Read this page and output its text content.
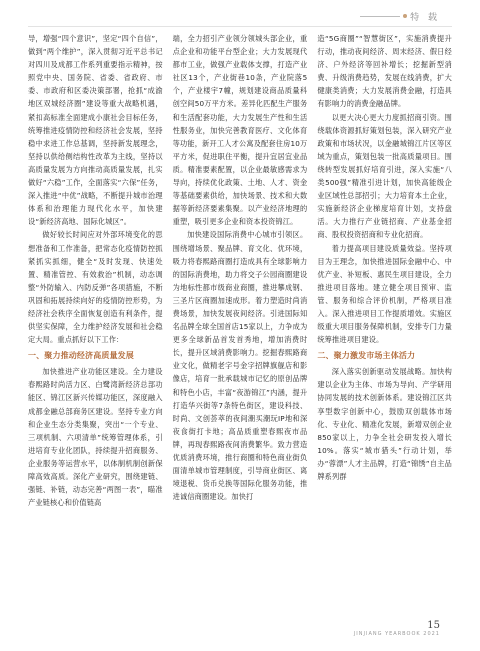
特 载

导，增强“四个意识”，坚定“四个自信”，做到“两个维护”，深入贯彻习近平总书记对四川及成都工作系列重要指示精神，按照党中央、国务院、省委、省政府、市委、市政府和区委决策部署，抢抓“成渝地区双城经济圈”建设等重大战略机遇，紧扣高标准全面建成小康社会目标任务，统筹推进疫情防控和经济社会发展，坚持稳中求进工作总基调，坚持新发展理念，坚持以供给侧结构性改革为主线，坚持以高质量发展为方向推动高质量发展，扎实做好“六稳”工作，全面落实“六保”任务，深入推进“中优”战略，不断提升城市治理体系和治理能力现代化水平，加快建设“新经济高地、国际化城区”。

做好较长时间应对外部环境变化的思想准备和工作准备，把常态化疫情防控抓紧抓实抓细，健全“及时发现、快速处置、精准管控、有效救治”机制，动态调整“外防输入、内防反弹”各项措施，不断巩固和拓展持续向好的疫情防控形势，为经济社会秩序全面恢复创造有利条件，提供坚实保障，全力维护经济发展和社会稳定大局。重点抓好以下工作：

一、聚力推动经济高质量发展

加快推进产业功能区建设。全力建设春熙路时尚活力区、白鹭湾新经济总部功能区、锦江区新兴传媒功能区，深度融入成都金融总部商务区建设。坚持专业方向和企业生态分类集聚，突出“一个专业、三项机制、六项清单”统筹管理体系，引进培育专业化团队，持续提升招商服务、企业服务等运营水平，以体制机制创新保障高效高质。深化产业研究，围绕建链、强链、补链，动态完善“两图一表”，瞄准产业链核心和价值链高

端，全力招引产业领分领城头部企业，重点企业和功能平台型企业；大力发展现代都市工业，做强产业载体支撑，打造产业社区13个，产业街巷10条，产业院落5个，产业楼宇7幢，规划建设商品质量科创空间50万平方米。差异化匹配生产服务和生活配套功能，大力发展生产性和生活性服务业，加快完善教育医疗、文化体育等功能，新开工人才公寓及配套住房10万平方米，促进职住平衡，提升宜居宜业品质。精准要素配置，以企业最敏感需求为导向，持续优化政策、土地、人才、资金等基础要素供给，加快场景、技术和大数据等新经济要素集聚。以产业经济地理的重塑，吸引更多企业和资本投资锦江。

加快建设国际消费中心城市引领区。围绕增场景、聚品牌、育文化、优环境，吸力将春熙路商圈打造成具有全球影响力的国际消费地，助力将交子公园商圈建设为地标性都市级商业商圈，推进攀成钢、三圣片区商圈加速成形。着力塑造时尚消费场景，加快发展夜间经济。引进国际知名品牌全球全国首店15家以上，力争成为更多全球新品首发首秀地，增加消费时长，提升区域消费影响力。挖掘春熙路商业文化，做精老字号金字招牌旗舰店和影像店，培育一批承载城市记忆的原创品牌和特色小店，丰富“夜游锦江”内涵，提升打造华兴街等7条特色街区，建设科技、时尚、文创荟萃的夜间潮买潮玩IP地和深夜食街打卡地；高品质重塑春熙夜市品牌，再现春熙路夜间消费繁华。致力营造优质消费环境，推行商圈和特色商业街负面清单城市管理制度，引导商业街区、离境退税、货币兑换等国际化服务功能，推进诚信商圈建设。加快打

造“5G商圈”“智慧街区”，实施消费提升行动，推动夜间经济、周末经济、假日经济、户外经济等回补增长；挖掘新型消费、升级消费趋势，发展在线消费，扩大健康类消费；大力发展消费金融，打造具有影响力的消费金融品牌。

以更大决心更大力度抓招商引资。围绕载体资源抓好策划包装，深入研究产业政策和市场状况，以金融城锦江片区等区域为重点，策划包装一批高质量项目。围绕转型发展抓好培育引进，深入实施“八类500强”精准引进计划，加快高能级企业区域性总部招引；大力培育本土企业，实施新经济企业梯度培育计划，支持盘活。大力推行产业链招商、产业基金招商、股权投资招商和专业化招商。

着力提高项目建设质量效益。坚持项目为王理念，加快推进国际金融中心、中优产业、补短板、惠民生项目建设，全力推进项目落地。建立健全项目预审、监管、服务和综合评价机制，严格项目准入。深入推进项目工作提质增效。实施区级重大项目服务保障机制，安排专门力量统筹推进项目建设。

二、聚力激发市场主体活力

深入落实创新驱动发展战略。加快构建以企业为主体、市场为导向、产学研用协同发展的技术创新体系。建设锦江区共享型数字创新中心，鼓励双创载体市场化、专业化、精准化发展，新增双创企业850家以上，力争全社会研发投入增长10%。落实“城市猎头”行动计划，举办“蓉漂”人才主品牌，打造“锦绣”自主品牌系列群

15
JINJIANG YEARBOOK 2021
